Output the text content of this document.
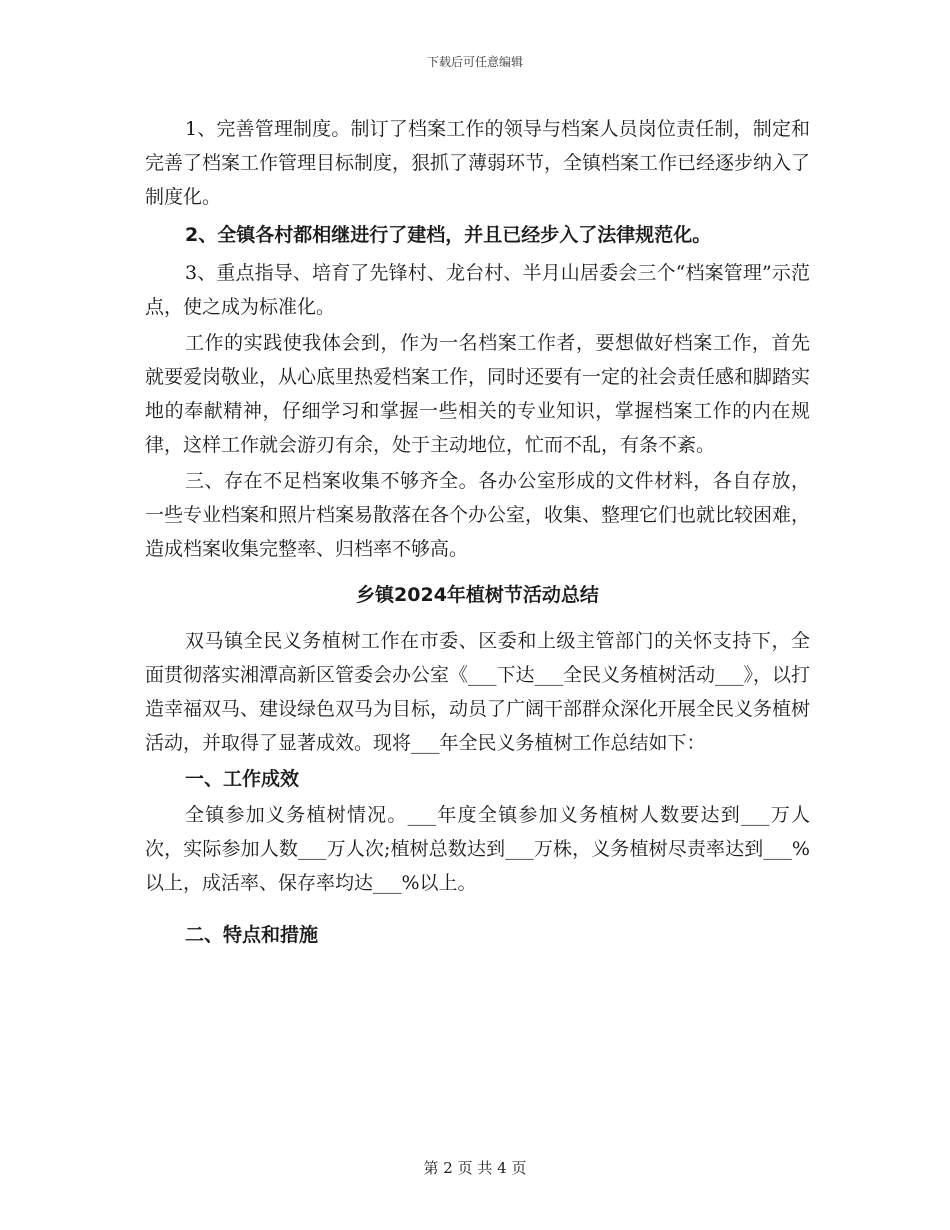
下载后可任意编辑

1、完善管理制度。制订了档案工作的领导与档案人员岗位责任制，制定和完善了档案工作管理目标制度，狠抓了薄弱环节，全镇档案工作已经逐步纳入了制度化。

2、全镇各村都相继进行了建档，并且已经步入了法律规范化。

3、重点指导、培育了先锋村、龙台村、半月山居委会三个“档案管理”示范点，使之成为标准化。

工作的实践使我体会到，作为一名档案工作者，要想做好档案工作，首先就要爱岗敬业，从心底里热爱档案工作，同时还要有一定的社会责任感和脚踏实地的奉献精神，仔细学习和掌握一些相关的专业知识，掌握档案工作的内在规律，这样工作就会游刃有余，处于主动地位，忙而不乱，有条不紊。

三、存在不足档案收集不够齐全。各办公室形成的文件材料，各自存放，一些专业档案和照片档案易散落在各个办公室，收集、整理它们也就比较困难，造成档案收集完整率、归档率不够高。

乡镇2024年植树节活动总结

双马镇全民义务植树工作在市委、区委和上级主管部门的关怀支持下，全面贯彻落实湘潭高新区管委会办公室《___下达___全民义务植树活动___》，以打造幸福双马、建设绿色双马为目标，动员了广阔干部群众深化开展全民义务植树活动，并取得了显著成效。现将___年全民义务植树工作总结如下：

一、工作成效

全镇参加义务植树情况。___年度全镇参加义务植树人数要达到___万人次，实际参加人数___万人次;植树总数达到___万株，义务植树尽责率达到___%以上，成活率、保存率均达___%以上。

二、特点和措施
第 2 页 共 4 页
